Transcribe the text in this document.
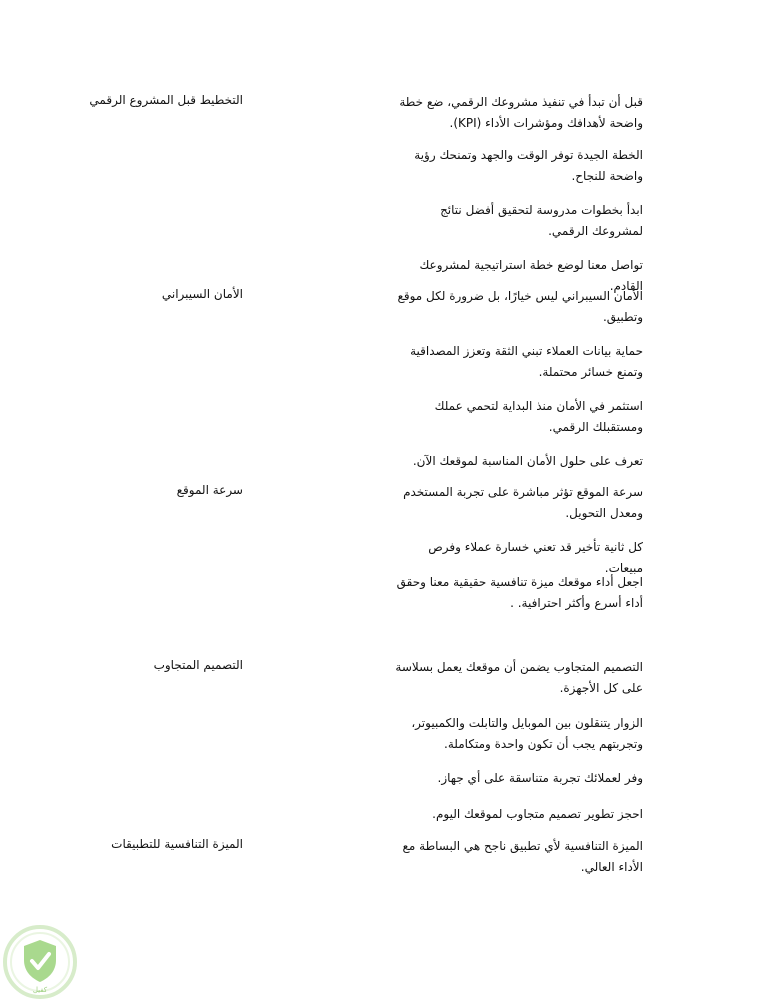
التخطيط قبل المشروع الرقمي	قبل أن تبدأ في تنفيذ مشروعك الرقمي، ضع خطة واضحة لأهدافك ومؤشرات الأداء (KPI).
الخطة الجيدة توفر الوقت والجهد وتمنحك رؤية واضحة للنجاح.
ابدأ بخطوات مدروسة لتحقيق أفضل نتائج لمشروعك الرقمي.
تواصل معنا لوضع خطة استراتيجية لمشروعك القادم.
الأمان السيبراني	الأمان السيبراني ليس خيارًا، بل ضرورة لكل موقع وتطبيق.
حماية بيانات العملاء تبني الثقة وتعزز المصداقية وتمنع خسائر محتملة.
استثمر في الأمان منذ البداية لتحمي عملك ومستقبلك الرقمي.
تعرف على حلول الأمان المناسبة لموقعك الآن.
سرعة الموقع	سرعة الموقع تؤثر مباشرة على تجربة المستخدم ومعدل التحويل.
كل ثانية تأخير قد تعني خسارة عملاء وفرص مبيعات.
اجعل أداء موقعك ميزة تنافسية حقيقية معنا وحقق أداء أسرع وأكثر احترافية. .
التصميم المتجاوب	التصميم المتجاوب يضمن أن موقعك يعمل بسلاسة على كل الأجهزة.
الزوار يتنقلون بين الموبايل والتابلت والكمبيوتر، وتجربتهم يجب أن تكون واحدة ومتكاملة.
وفر لعملائك تجربة متناسقة على أي جهاز.
احجز تطوير تصميم متجاوب لموقعك اليوم.
الميزة التنافسية للتطبيقات	الميزة التنافسية لأي تطبيق ناجح هي البساطة مع الأداء العالي.
كفيل
